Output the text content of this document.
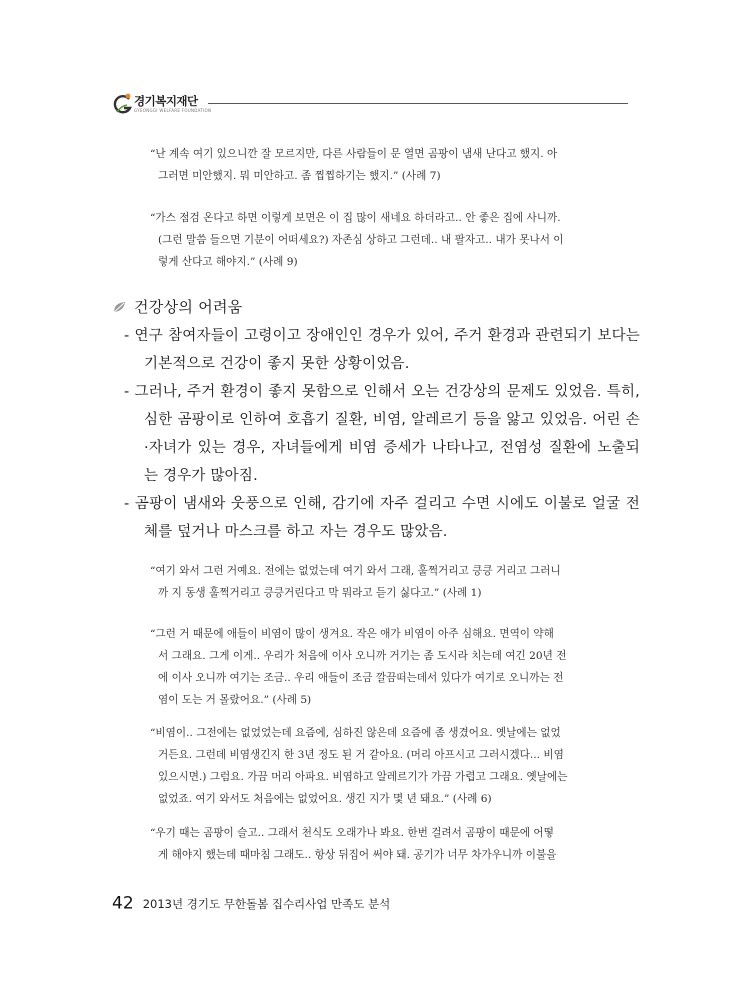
경기복지재단
GYEONGGI WELFARE FOUNDATION

“난 계속 여기 있으니깐 잘 모르지만, 다른 사람들이 문 열면 곰팡이 냄새 난다고 했지. 아

그러면 미안했지. 뭐 미안하고. 좀 찝찝하기는 했지.” (사례 7)

“가스 점검 온다고 하면 이렇게 보면은 이 집 많이 새네요 하더라고.. 안 좋은 집에 사니까.

(그런 말씀 들으면 기분이 어떠세요?) 자존심 상하고 그런데.. 내 팔자고.. 내가 못나서 이

렇게 산다고 해야지.” (사례 9)

건강상의 어려움

- 연구 참여자들이 고령이고 장애인인 경우가 있어, 주거 환경과 관련되기 보다는 기본적으로 건강이 좋지 못한 상황이었음.

- 그러나, 주거 환경이 좋지 못함으로 인해서 오는 건강상의 문제도 있었음. 특히, 심한 곰팡이로 인하여 호흡기 질환, 비염, 알레르기 등을 앓고 있었음. 어린 손·자녀가 있는 경우, 자녀들에게 비염 증세가 나타나고, 전염성 질환에 노출되는 경우가 많아짐.

- 곰팡이 냄새와 웃풍으로 인해, 감기에 자주 걸리고 수면 시에도 이불로 얼굴 전체를 덮거나 마스크를 하고 자는 경우도 많았음.

“여기 와서 그런 거예요. 전에는 없었는데 여기 와서 그래, 훌쩍거리고 킁킁 거리고 그러니

까 지 동생 훌쩍거리고 킁킁거린다고 막 뭐라고 듣기 싫다고.” (사례 1)

“그런 거 때문에 애들이 비염이 많이 생겨요. 작은 애가 비염이 아주 심해요. 면역이 약해

서 그래요. 그게 이게.. 우리가 처음에 이사 오니까 거기는 좀 도시라 치는데 여긴 20년 전

에 이사 오니까 여기는 조금.. 우리 애들이 조금 깔끔떠는데서 있다가 여기로 오니까는 전

염이 도는 거 몰랐어요.” (사례 5)

“비염이.. 그전에는 없었었는데 요즘에, 심하진 않은데 요즘에 좀 생겼어요. 옛날에는 없었

거든요. 그런데 비염생긴지 한 3년 정도 된 거 같아요. (머리 아프시고 그러시겠다... 비염

있으시면.) 그럼요. 가끔 머리 아파요. 비염하고 알레르기가 가끔 가렵고 그래요. 옛날에는

없었죠. 여기 와서도 처음에는 없었어요. 생긴 지가 몇 년 돼요.” (사례 6)

“우기 때는 곰팡이 슬고.. 그래서 천식도 오래가나 봐요. 한번 걸려서 곰팡이 때문에 어떻

게 해야지 했는데 때마침 그래도.. 항상 뒤집어 써야 돼. 공기가 너무 차가우니까 이불을

42 2013년 경기도 무한돌봄 집수리사업 만족도 분석
